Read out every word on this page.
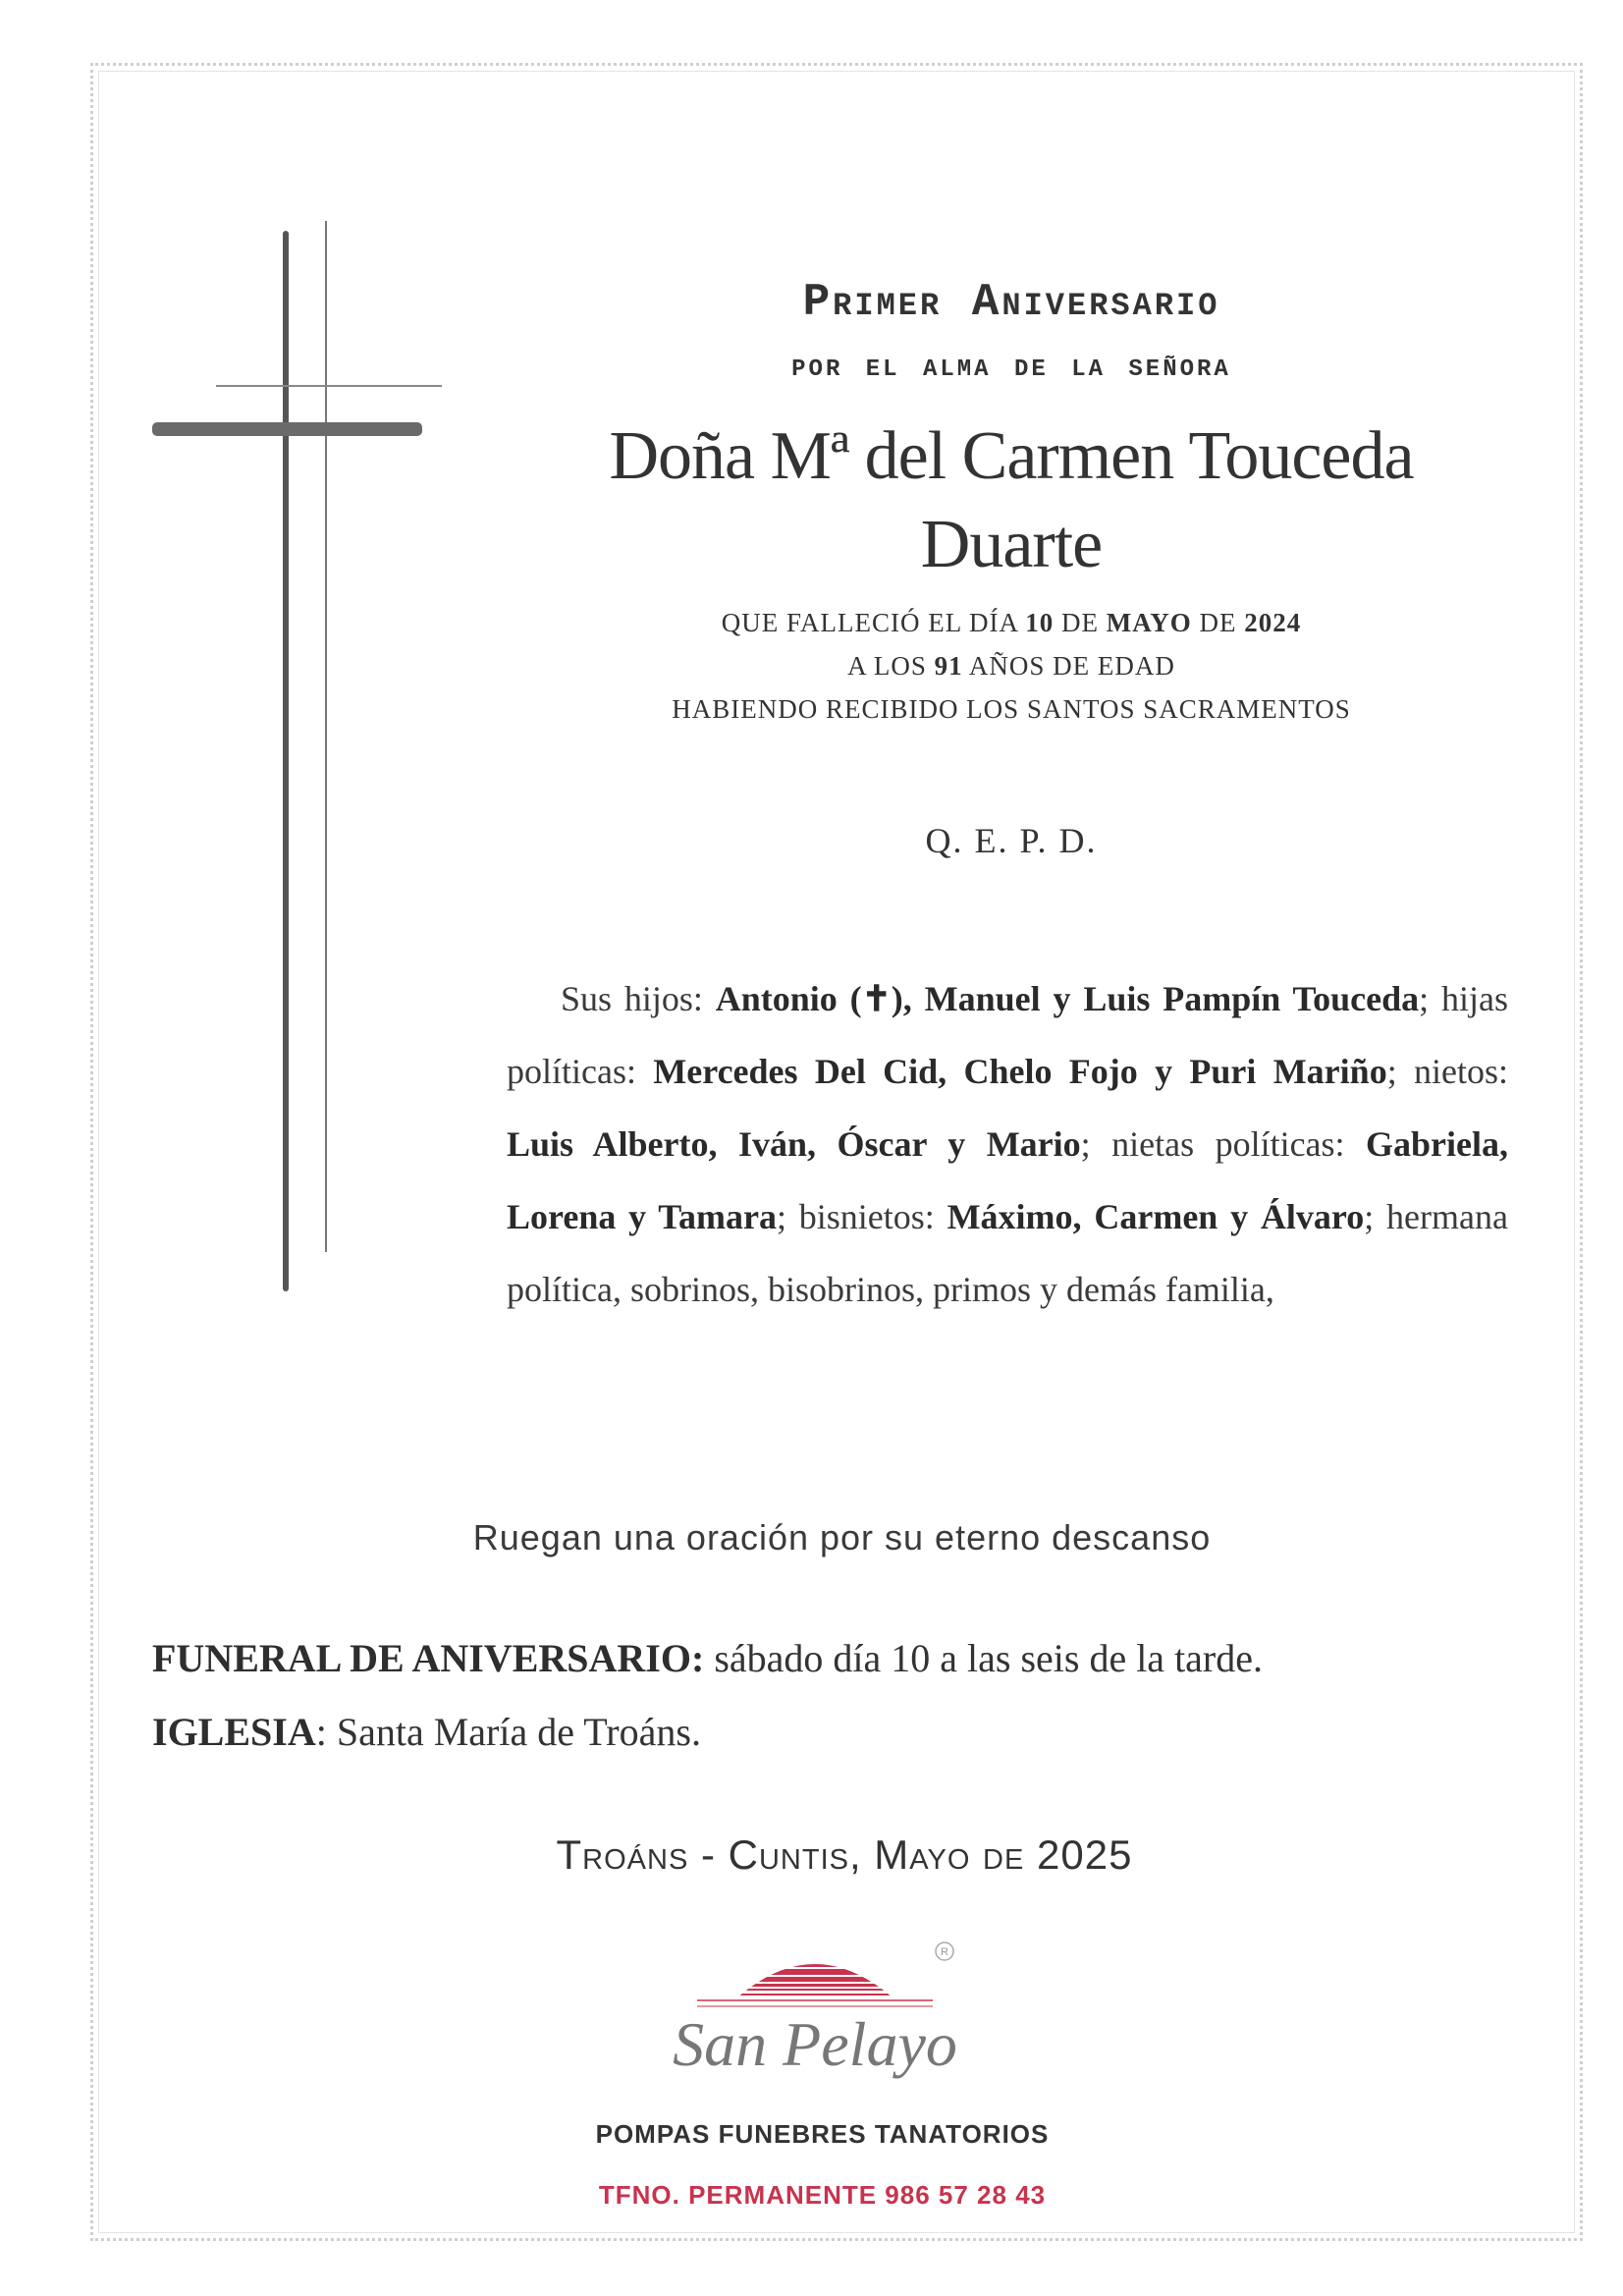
Primer Aniversario
por el alma de la señora
Doña Mª del Carmen Touceda
Duarte
QUE FALLECIÓ EL DÍA 10 DE MAYO DE 2024
A LOS 91 AÑOS DE EDAD
HABIENDO RECIBIDO LOS SANTOS SACRAMENTOS
Q. E. P. D.
Sus hijos: Antonio (✝), Manuel y Luis Pampín Touceda; hijas políticas: Mercedes Del Cid, Chelo Fojo y Puri Mariño; nietos: Luis Alberto, Iván, Óscar y Mario; nietas políticas: Gabriela, Lorena y Tamara; bisnietos: Máximo, Carmen y Álvaro; hermana política, sobrinos, bisobrinos, primos y demás familia,
Ruegan una oración por su eterno descanso
FUNERAL DE ANIVERSARIO: sábado día 10 a las seis de la tarde.
IGLESIA: Santa María de Troáns.
Troáns - Cuntis, Mayo de 2025
R
San Pelayo
POMPAS FUNEBRES TANATORIOS
TFNO. PERMANENTE 986 57 28 43
